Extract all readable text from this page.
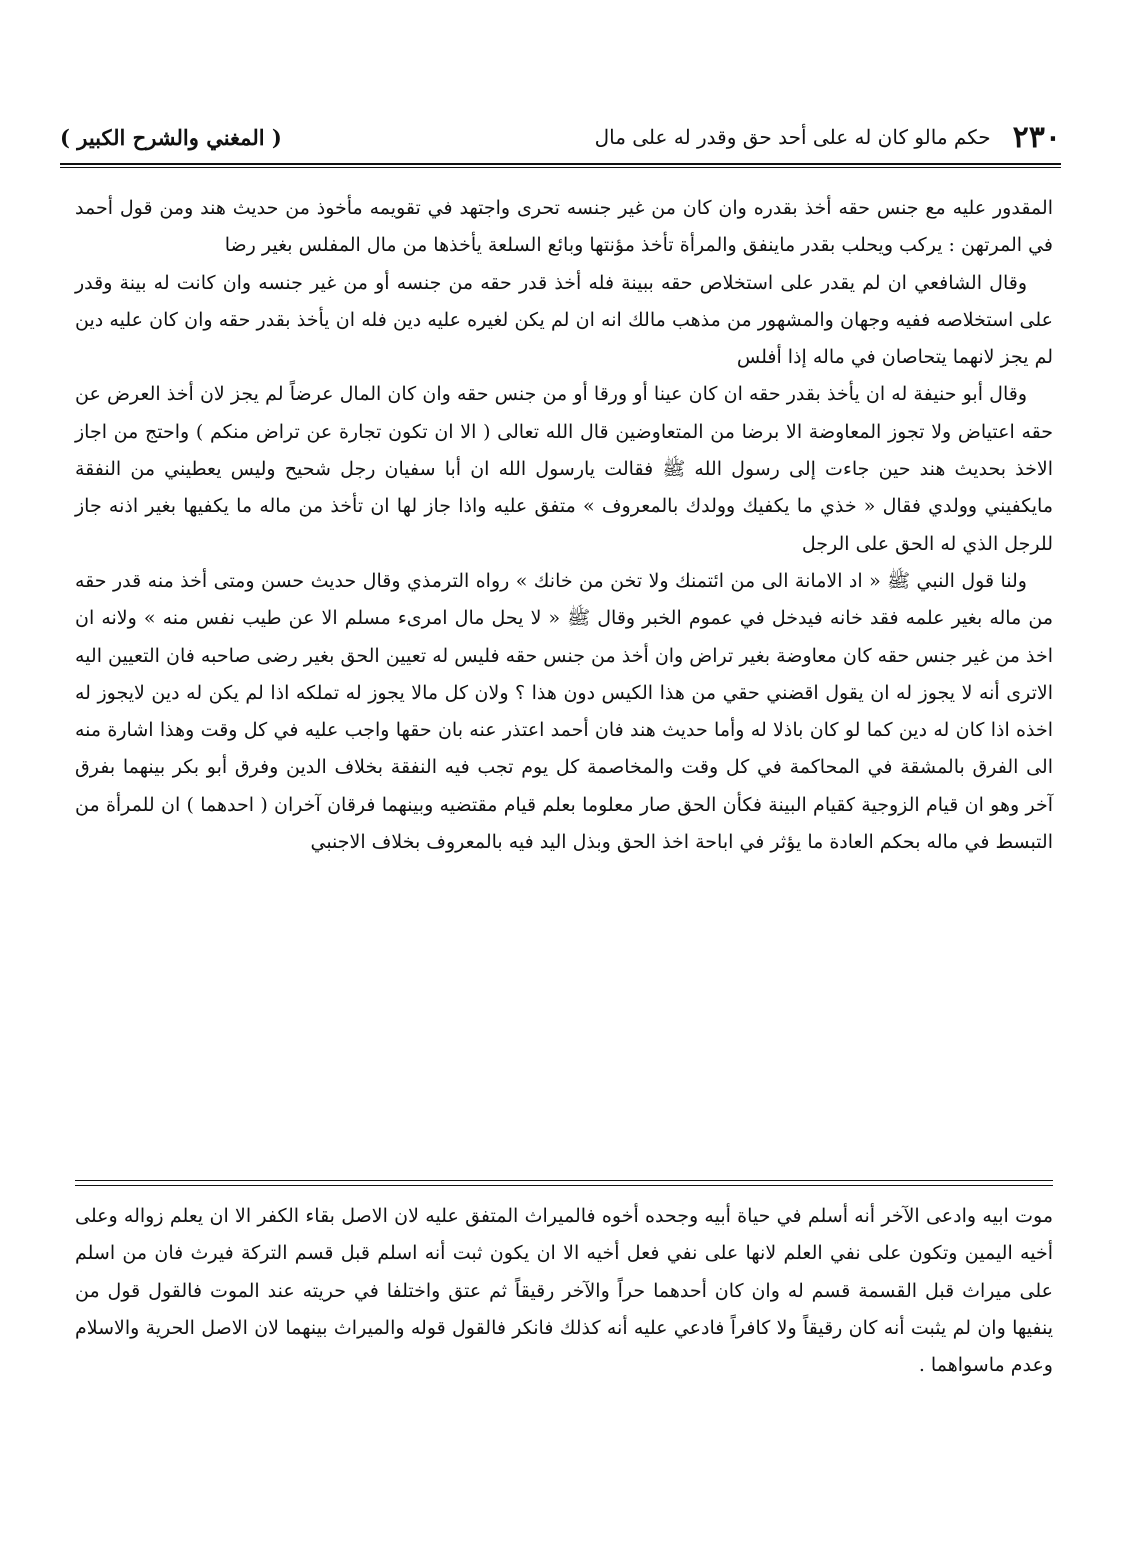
٢٣٠
حكم مالو كان له على أحد حق وقدر له على مال
( المغني والشرح الكبير )

المقدور عليه مع جنس حقه أخذ بقدره وان كان من غير جنسه تحرى واجتهد في تقويمه مأخوذ من حديث هند ومن قول أحمد في المرتهن : يركب ويحلب بقدر ماينفق والمرأة تأخذ مؤنتها وبائع السلعة يأخذها من مال المفلس بغير رضا

وقال الشافعي ان لم يقدر على استخلاص حقه ببينة فله أخذ قدر حقه من جنسه أو من غير جنسه وان كانت له بينة وقدر على استخلاصه ففيه وجهان والمشهور من مذهب مالك انه ان لم يكن لغيره عليه دين فله ان يأخذ بقدر حقه وان كان عليه دين لم يجز لانهما يتحاصان في ماله إذا أفلس

وقال أبو حنيفة له ان يأخذ بقدر حقه ان كان عينا أو ورقا أو من جنس حقه وان كان المال عرضاً لم يجز لان أخذ العرض عن حقه اعتياض ولا تجوز المعاوضة الا برضا من المتعاوضين قال الله تعالى ( الا ان تكون تجارة عن تراض منكم ) واحتج من اجاز الاخذ بحديث هند حين جاءت إلى رسول الله ﷺ فقالت يارسول الله ان أبا سفيان رجل شحيح وليس يعطيني من النفقة مايكفيني وولدي فقال « خذي ما يكفيك وولدك بالمعروف » متفق عليه واذا جاز لها ان تأخذ من ماله ما يكفيها بغير اذنه جاز للرجل الذي له الحق على الرجل

ولنا قول النبي ﷺ « اد الامانة الى من ائتمنك ولا تخن من خانك » رواه الترمذي وقال حديث حسن ومتى أخذ منه قدر حقه من ماله بغير علمه فقد خانه فيدخل في عموم الخبر وقال ﷺ « لا يحل مال امرىء مسلم الا عن طيب نفس منه » ولانه ان اخذ من غير جنس حقه كان معاوضة بغير تراض وان أخذ من جنس حقه فليس له تعيين الحق بغير رضى صاحبه فان التعيين اليه الاترى أنه لا يجوز له ان يقول اقضني حقي من هذا الكيس دون هذا ؟ ولان كل مالا يجوز له تملكه اذا لم يكن له دين لايجوز له اخذه اذا كان له دين كما لو كان باذلا له وأما حديث هند فان أحمد اعتذر عنه بان حقها واجب عليه في كل وقت وهذا اشارة منه الى الفرق بالمشقة في المحاكمة في كل وقت والمخاصمة كل يوم تجب فيه النفقة بخلاف الدين وفرق أبو بكر بينهما بفرق آخر وهو ان قيام الزوجية كقيام البينة فكأن الحق صار معلوما بعلم قيام مقتضيه وبينهما فرقان آخران ( احدهما ) ان للمرأة من التبسط في ماله بحكم العادة ما يؤثر في اباحة اخذ الحق وبذل اليد فيه بالمعروف بخلاف الاجنبي

موت ابيه وادعى الآخر أنه أسلم في حياة أبيه وجحده أخوه فالميراث المتفق عليه لان الاصل بقاء الكفر الا ان يعلم زواله وعلى أخيه اليمين وتكون على نفي العلم لانها على نفي فعل أخيه الا ان يكون ثبت أنه اسلم قبل قسم التركة فيرث فان من اسلم على ميراث قبل القسمة قسم له وان كان أحدهما حراً والآخر رقيقاً ثم عتق واختلفا في حريته عند الموت فالقول قول من ينفيها وان لم يثبت أنه كان رقيقاً ولا كافراً فادعي عليه أنه كذلك فانكر فالقول قوله والميراث بينهما لان الاصل الحرية والاسلام وعدم ماسواهما .
